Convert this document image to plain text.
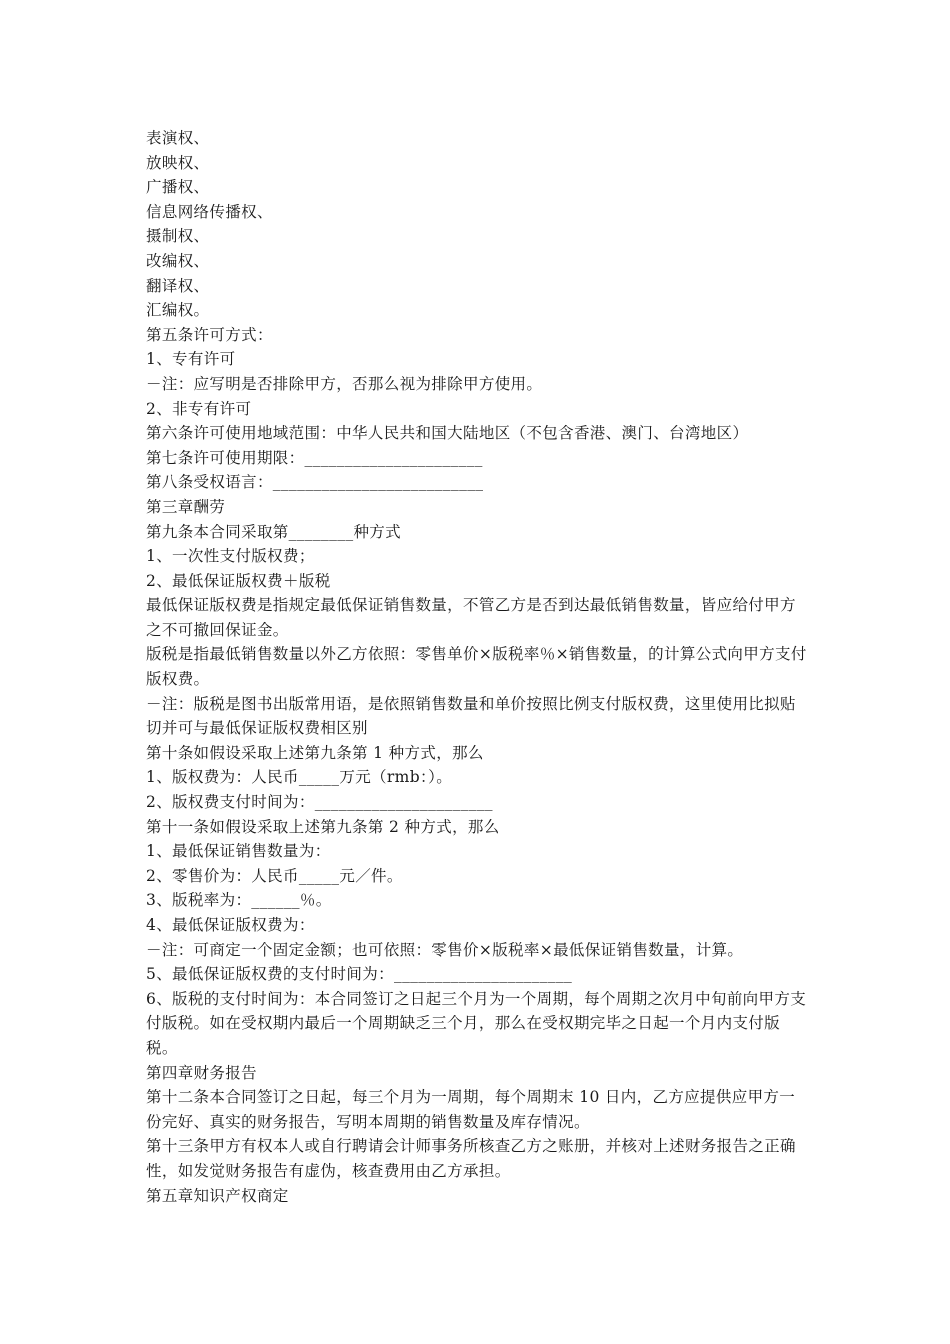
表演权、
放映权、
广播权、
信息网络传播权、
摄制权、
改编权、
翻译权、
汇编权。
第五条许可方式：
1、专有许可
－注：应写明是否排除甲方，否那么视为排除甲方使用。
2、非专有许可
第六条许可使用地域范围：中华人民共和国大陆地区（不包含香港、澳门、台湾地区）
第七条许可使用期限：______________________
第八条受权语言：__________________________
第三章酬劳
第九条本合同采取第________种方式
1、一次性支付版权费；
2、最低保证版权费＋版税
最低保证版权费是指规定最低保证销售数量，不管乙方是否到达最低销售数量，皆应给付甲方之不可撤回保证金。
版税是指最低销售数量以外乙方依照：零售单价×版税率％×销售数量，的计算公式向甲方支付版权费。
－注：版税是图书出版常用语，是依照销售数量和单价按照比例支付版权费，这里使用比拟贴切并可与最低保证版权费相区别
第十条如假设采取上述第九条第 1 种方式，那么
1、版权费为：人民币_____万元（rmb：）。
2、版权费支付时间为：______________________
第十一条如假设采取上述第九条第 2 种方式，那么
1、最低保证销售数量为：
2、零售价为：人民币_____元／件。
3、版税率为：______％。
4、最低保证版权费为：
－注：可商定一个固定金额；也可依照：零售价×版税率×最低保证销售数量，计算。
5、最低保证版权费的支付时间为：______________________
6、版税的支付时间为：本合同签订之日起三个月为一个周期，每个周期之次月中旬前向甲方支付版税。如在受权期内最后一个周期缺乏三个月，那么在受权期完毕之日起一个月内支付版税。
第四章财务报告
第十二条本合同签订之日起，每三个月为一周期，每个周期末 10 日内，乙方应提供应甲方一份完好、真实的财务报告，写明本周期的销售数量及库存情况。
第十三条甲方有权本人或自行聘请会计师事务所核查乙方之账册，并核对上述财务报告之正确性，如发觉财务报告有虚伪，核查费用由乙方承担。
第五章知识产权商定
